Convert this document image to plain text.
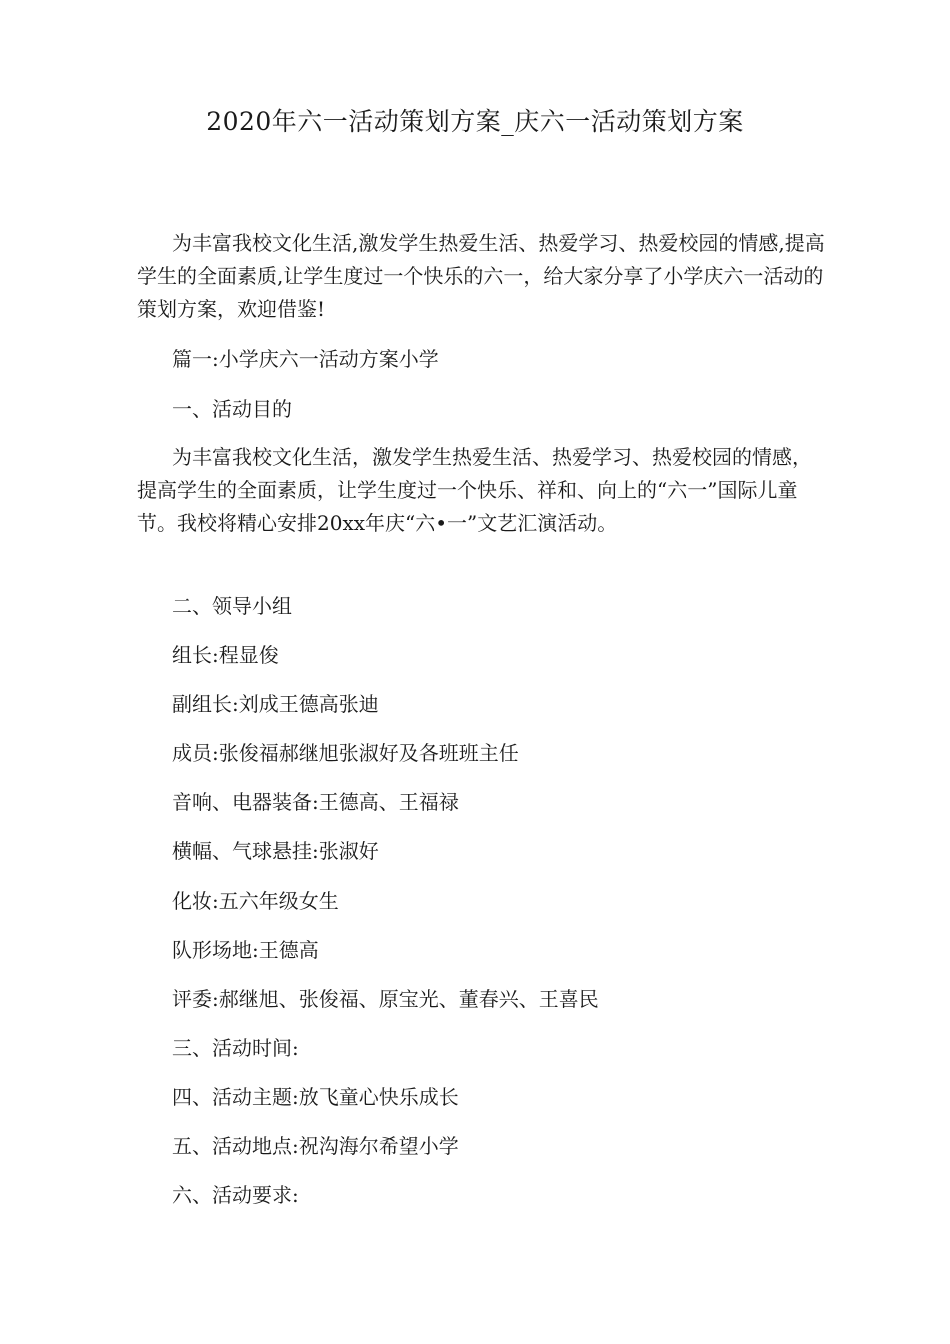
2020年六一活动策划方案_庆六一活动策划方案

为丰富我校文化生活,激发学生热爱生活、热爱学习、热爱校园的情感,提高学生的全面素质,让学生度过一个快乐的六一，给大家分享了小学庆六一活动的策划方案，欢迎借鉴!

篇一:小学庆六一活动方案小学

一、活动目的

为丰富我校文化生活，激发学生热爱生活、热爱学习、热爱校园的情感，提高学生的全面素质，让学生度过一个快乐、祥和、向上的“六一”国际儿童节。我校将精心安排20xx年庆“六•一”文艺汇演活动。

二、领导小组

组长:程显俊

副组长:刘成王德高张迪

成员:张俊福郝继旭张淑好及各班班主任

音响、电器装备:王德高、王福禄

横幅、气球悬挂:张淑好

化妆:五六年级女生

队形场地:王德高

评委:郝继旭、张俊福、原宝光、董春兴、王喜民

三、活动时间:

四、活动主题:放飞童心快乐成长

五、活动地点:祝沟海尔希望小学

六、活动要求:
